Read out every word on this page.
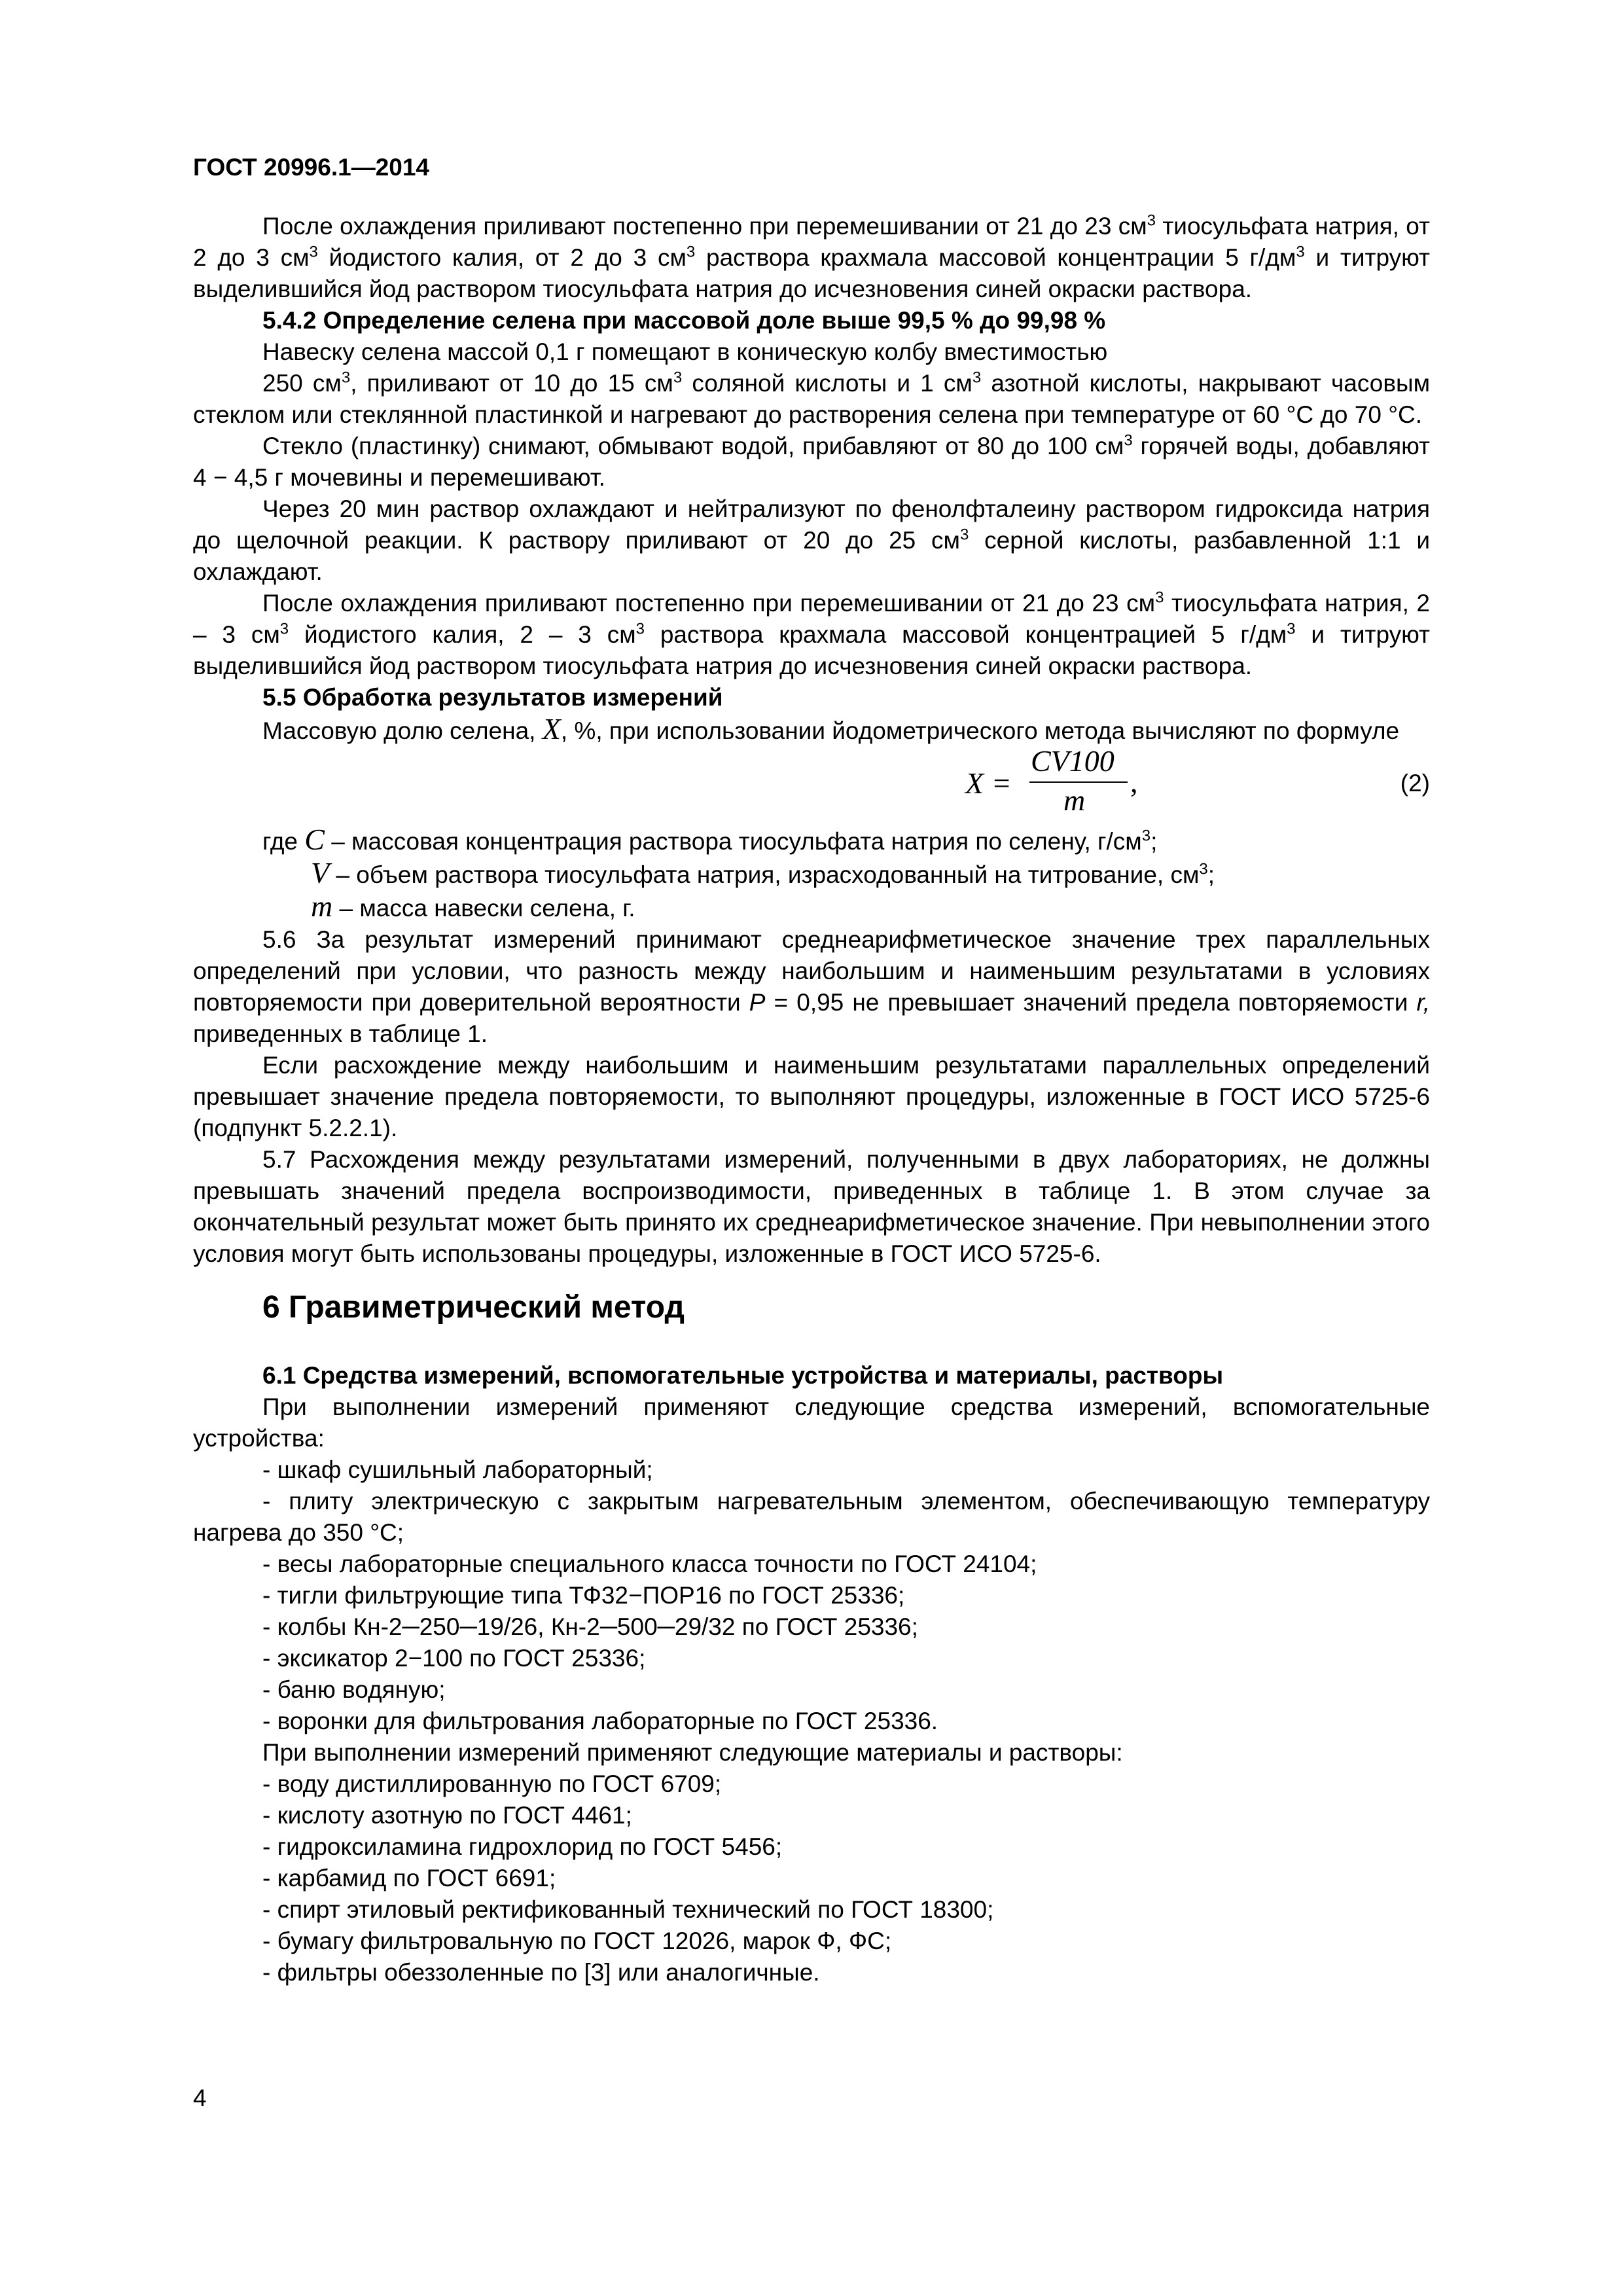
ГОСТ 20996.1—2014

После охлаждения приливают постепенно при перемешивании от 21 до 23 $см^3$ тиосульфата натрия, от 2 до 3 $см^3$ йодистого калия, от 2 до 3 $см^3$ раствора крахмала массовой концентрации 5 $г/дм^3$ и титруют выделившийся йод раствором тиосульфата натрия до исчезновения синей окраски раствора.

5.4.2 Определение селена при массовой доле выше 99,5 % до 99,98 %

Навеску селена массой 0,1 г помещают в коническую колбу вместимостью

250 $см^3$, приливают от 10 до 15 $см^3$ соляной кислоты и 1 $см^3$ азотной кислоты, накрывают часовым стеклом или стеклянной пластинкой и нагревают до растворения селена при температуре от 60 °С до 70 °С.

Стекло (пластинку) снимают, обмывают водой, прибавляют от 80 до 100 $см^3$ горячей воды, добавляют 4 − 4,5 г мочевины и перемешивают.

Через 20 мин раствор охлаждают и нейтрализуют по фенолфталеину раствором гидроксида натрия до щелочной реакции. К раствору приливают от 20 до 25 $см^3$ серной кислоты, разбавленной 1:1 и охлаждают.

После охлаждения приливают постепенно при перемешивании от 21 до 23 $см^3$ тиосульфата натрия, 2 – 3 $см^3$ йодистого калия, 2 – 3 $см^3$ раствора крахмала массовой концентрацией 5 $г/дм^3$ и титруют выделившийся йод раствором тиосульфата натрия до исчезновения синей окраски раствора.

5.5 Обработка результатов измерений

Массовую долю селена, X, %, при использовании йодометрического метода вычисляют по формуле

X =
CV100
m
,	(2)

где C – массовая концентрация раствора тиосульфата натрия по селену, $г/см^3$;

V – объем раствора тиосульфата натрия, израсходованный на титрование, $см^3$;

m – масса навески селена, г.

5.6 За результат измерений принимают среднеарифметическое значение трех параллельных определений при условии, что разность между наибольшим и наименьшим результатами в условиях повторяемости при доверительной вероятности P = 0,95 не превышает значений предела повторяемости r, приведенных в таблице 1.

Если расхождение между наибольшим и наименьшим результатами параллельных определений превышает значение предела повторяемости, то выполняют процедуры, изложенные в ГОСТ ИСО 5725-6 (подпункт 5.2.2.1).

5.7 Расхождения между результатами измерений, полученными в двух лабораториях, не должны превышать значений предела воспроизводимости, приведенных в таблице 1. В этом случае за окончательный результат может быть принято их среднеарифметическое значение. При невыполнении этого условия могут быть использованы процедуры, изложенные в ГОСТ ИСО 5725-6.

6 Гравиметрический метод

6.1 Средства измерений, вспомогательные устройства и материалы, растворы

При выполнении измерений применяют следующие средства измерений, вспомогательные устройства:

- шкаф сушильный лабораторный;

- плиту электрическую с закрытым нагревательным элементом, обеспечивающую температуру нагрева до 350 °С;

- весы лабораторные специального класса точности по ГОСТ 24104;

- тигли фильтрующие типа ТФ32−ПОР16 по ГОСТ 25336;

- колбы Кн-2─250─19/26, Кн-2─500─29/32 по ГОСТ 25336;

- эксикатор 2−100 по ГОСТ 25336;

- баню водяную;

- воронки для фильтрования лабораторные по ГОСТ 25336.

При выполнении измерений применяют следующие материалы и растворы:

- воду дистиллированную по ГОСТ 6709;

- кислоту азотную по ГОСТ 4461;

- гидроксиламина гидрохлорид по ГОСТ 5456;

- карбамид по ГОСТ 6691;

- спирт этиловый ректификованный технический по ГОСТ 18300;

- бумагу фильтровальную по ГОСТ 12026, марок Ф, ФС;

- фильтры обеззоленные по [3] или аналогичные.

4
